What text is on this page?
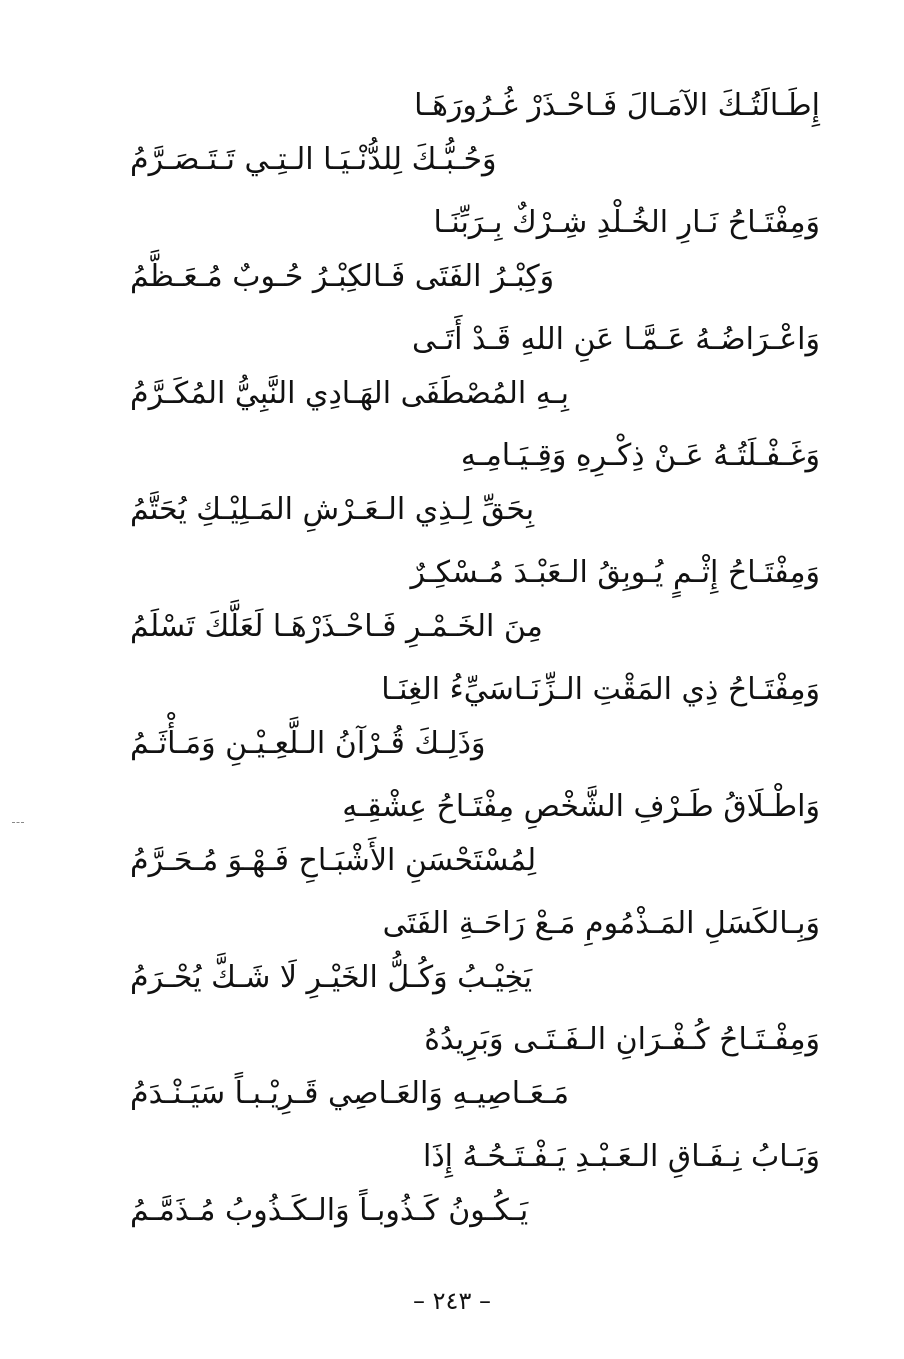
إِطَـالَتُـكَ الآمَـالَ فَـاحْـذَرْ غُـرُورَهَـا
وَحُـبُّـكَ لِلدُّنْـيَـا الـتِـي تَـتَـصَـرَّمُ
وَمِفْتَـاحُ نَـارِ الخُـلْدِ شِـرْكٌ بِـرَبِّنَـا
وَكِبْـرُ الفَتَى فَـالكِبْـرُ حُـوبٌ مُـعَـظَّمُ
وَاعْـرَاضُـهُ عَـمَّـا عَنِ اللهِ قَـدْ أَتَـى
بِـهِ المُصْطَفَى الهَـادِي النَّبِيُّ المُكَـرَّمُ
وَغَـفْـلَتُـهُ عَـنْ ذِكْـرِهِ وَقِـيَـامِـهِ
بِحَقِّ لِـذِي الـعَـرْشِ المَـلِيْـكِ يُحَتَّمُ
وَمِفْتَـاحُ إِثْـمٍ يُـوبِقُ الـعَبْـدَ مُـسْكِـرٌ
مِنَ الخَـمْـرِ فَـاحْـذَرْهَـا لَعَلَّكَ تَسْلَمُ
وَمِفْتَـاحُ ذِي المَقْتِ الـزِّنَـاسَيِّءُ الغِنَـا
وَذَلِـكَ قُـرْآنُ الـلَّعِـيْـنِ وَمَـأْثَـمُ
وَاطْـلَاقُ طَـرْفِ الشَّخْصِ مِفْتَـاحُ عِشْقِـهِ
لِمُسْتَحْسَنِ الأَشْبَـاحِ فَـهْـوَ مُـحَـرَّمُ
وَبِـالكَسَلِ المَـذْمُومِ مَـعْ رَاحَـةِ الفَتَى
يَخِيْـبُ وَكُـلُّ الخَيْـرِ لَا شَـكَّ يُحْـرَمُ
وَمِفْـتَـاحُ كُـفْـرَانِ الـفَـتَـى وَبَرِيدُهُ
مَـعَـاصِيـهِ وَالعَـاصِي قَـرِيْـبـاً سَيَـنْـدَمُ
وَبَـابُ نِـفَـاقِ الـعَـبْـدِ يَـفْـتَـحُـهُ إِذَا
يَـكُـونُ كَـذُوبـاً وَالـكَـذُوبُ مُـذَمَّـمُ
– ٢٤٣ –
